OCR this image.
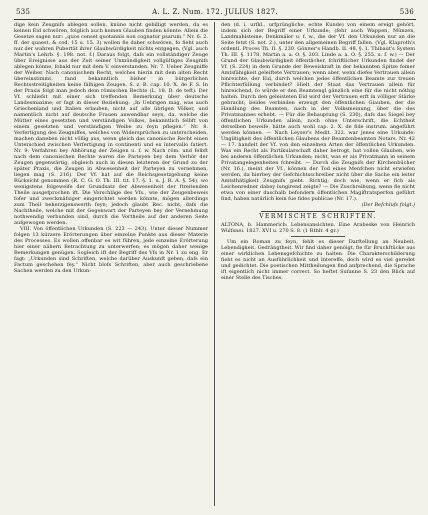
535	A. L. Z. Num. 172. JULIUS 1827.	536

dige kein Zeugnifs ablegen sollen, knüne nicht gebilligt werden, da es keinen Eid schwören, folglich auch keinen Glauben finden könnte. Allein die Gesetze sagen nur: „quos censet quotannis non cognatur psarum.“ Nr. 6: 2. ff. der quaest. & cod. 15 u. 15. 3) wollen fie daher schwören, fo fieht auch nur der wahren Pubertät ihrer Glaubwürdigkeit nichts entgegen, (Vgl. auch Martin's Lehrb. §. 198. not. f.) Daraus folgt, dafs ein vollständiger Zeuge über Ereignisse aus der Zeit seiner Unmündigkeit vollgültiges Zeugnifs ablegen könne, fobald nur mit dem V. einverstanden. Nr. 7. Ueber Zeugniffe der Weiber. Nach canonischem Recht, welches hierin mit dem alten Recht übereinstimmt, fand bekanntlich bisher in bürgerlichen Rechtsstreitigkeiten keine fälhigen Zeugen. S. z. B. cap. 10. X. de F. S. In der Praxis folgt man jedoch dem römischen Rechte (L. 18. D. de teft). Der Vf. schliefst mit einer sich treffenden Bemerkung über deutsche Landesmaxime; er fagt in dieser Beziehung: „In Uebrigen mag, was auch Griechenland und Italien erlauben, nicht auf alle übrigen Völker, und namentlich nicht auf deutsche Frauen anwendbar seyn, da, welche die Mütter eines gesetzten und verständigen Volkes, bekanntlich felbft von einem gesetzten und verständigen Weibe zu feyn pflegen.“ Nr. 8. Verfertigung des Zeugniffes, welches von Widersprüchen zu unterscheiden, machen daneben nicht völlig aus, wenn gleich das canonische Recht einen Unterschied zwischen Verfertigung in continenti und ex intervallo fatiert. Nr. 9. Verfahren bey Abhörung der Zeugen u. f. w. Nach röm. und felbft nach dem canonischen Rechte waren die Parteyen bey dem Verhör der Zeugen gegenwärtig, obgleich auch in diesen letzteren der Grund zu der später Praxis, die Zeugen in Abwesenheit der Parteyen zu vernehmen, liegen mag (S. 216). Der Vf. hat auf die Reichsgesetzgebung keine Rücksicht genommen (R. C. G. O. Th. III. tit. 17. §. 1. u. J. R. A. §. 54), wo wenigstens folgeweife der Grundsatz der Abwesenheit der ftreitenden Theile ausgefprochen ift. Die Vorschläge des Vfs., wie der Zeugenbeweis fofer und zweckmäfsiger eingerichtet werden könnte, mögen allerdings zum Theil beherzigenswerth feyn; jedoch glaubt Rec. nicht, dafs die Nachtheile, welche mit der Gegenwart der Parteyen bey der Vernehmung nothwendig verbunden sind, durch die Vortheile auf der anderen Seite aufgewogen werden.

VIII. Von öffentlichen Urkunden (S. 223 — 243). Unter dieser Nummer folgen 13 kürzere Erörterungen über einzelne Punkte aus dieser Materie des Processes. Es wollen offenbar es wit führen, jede einzelne Erörterung hier einer nähern Betrachtung zu unterwerfen; es mögen daher wenige Bemerkungen genügen. Sogleich ift der Begriff des Vfs in Nr. 1 zu eng. Er fagt: „Urkunden sind Schriften, welche darüber Auskunft geben, dafs ein Factum geschehen fey.“ Nicht blofs Schriften, aber auch geschriebene Sachen werden zu den Urkun-

den (d. i. urfkl., urfprüngliche, echte Kunde) von einem ereigt gehört, indem sich der Begriff einer Urkunde; (fehr auch Wappen, Münzen, Landmahlsteine, Denkmäler u. f. w., die der Vf. den Urkunden nur an die Seite fetzt (S. not. 2.), unter den allgemeinen Begriff fallen. (Vgl. Klaproth's ordentl. Proces Th. II. §. 230. Gönner's Handb. II. 48, §. 1. Thibaut's System Th. III. §. 1178. Martin a. a. O. §. 203. Linde a. a. O. §. 255. u. f. w.) — Der Grund der Glaubwürdigkeit öffentlicher, fchriftlicher Urkunden findet der Vf. (S. 224) in dem Grunde der Beweiskraft in der bekannten Spitze feiner Amtsfähigkeit geleiftete Vertrauen; wenn aber, wenn diefes Vertrauen allein hinreichte, der Eid, durch welchen jedes öffentlichen Beamte zur treuen Pflichterfüllung verbindet? Hielt der Staat das Vertrauen allein für hinreichend, fo würde er den Beamtengl gänzlich eine für die nicht nöthig halten. Durch den geleisteten Eid wird der Vertrauen erft in völliger Stärke gebracht; beides verbinden erzeugt den öffentlichen Glauben, der die Handlung des Beamten, nach in der Volksmeinung, über die des Privatmannes erhebt. — Für die Behauptung (S. 230), dafs das Siegel bey öffentlichen Urkunden allein, noch ohne Unterschrift, die Echtheit derselben beweife, hätte auch wohl cap. 2. X. de fide instrum. angeführt werden können. — Nach Leyser's Medit. 322. war jenes eine Urkunde: Ungiltigkeit des öffentlichen Glaubens der Beamtenbeamten Notars. Nr. 42 — 17. handelt der Vf. von den einzelnen Arten der öffentlichen Urkunden. Was ein Recht als Partikularschaft daher betrogt, hat vollen Glauben, wie bei anderen öffentlichen Urkunden; nicht, was er als Privatmann in seinem Privatangelegenheiten fchreibt. — Durch die Zeugnifs der Kirchenbücher (Nr. 16.), meint der Vf., können der Tod eines Menfchen nicht erwiefen werden, da hierbey der Gefchichtsschreiber nicht über die Sache ein leiter Amtsthätigkeit Zeugnifs giebt. Richtig; doch wie, wenn er fich als Leichenredner dabey lungirend zeigte? — Die Zuschreibung, wenn fie nicht etwa von einer daschalb befondern öffentlichen Magiftratsperfon geführt find, haben natürlich kein fue fides publicae (Nr. 17.).

(Der Befchlufs folgt.)

VERMISCHTE SCHRIFTEN.

ALTONA, b. Hammerich: Lebensansichten. Eine Arabeske von Heinrich Wülfsnei. 1827. XVI u. 270 S. 8. (1 Rthlr. 4 gr.)

Um ein Roman zu feyn, fehlt es dieser Darftellung an Neubeit, Lebendigkeit, Gedrängtheit. Wir find daher genöigt, fie für Bruchftücke aus einer wirklichen Lebensgefchichte zu halten. Die Charakterschilderung fieht es nicht an Ausführlichkeit und Intereffe, doch wird es viel geredet und gedichtet. Die poetischen Mittheilungen find anfprechend, die Sprache ift eigentlich nicht immer correct. So heftet Sufanne S. 23 den Blick auf einer Stelle des Tisches.
